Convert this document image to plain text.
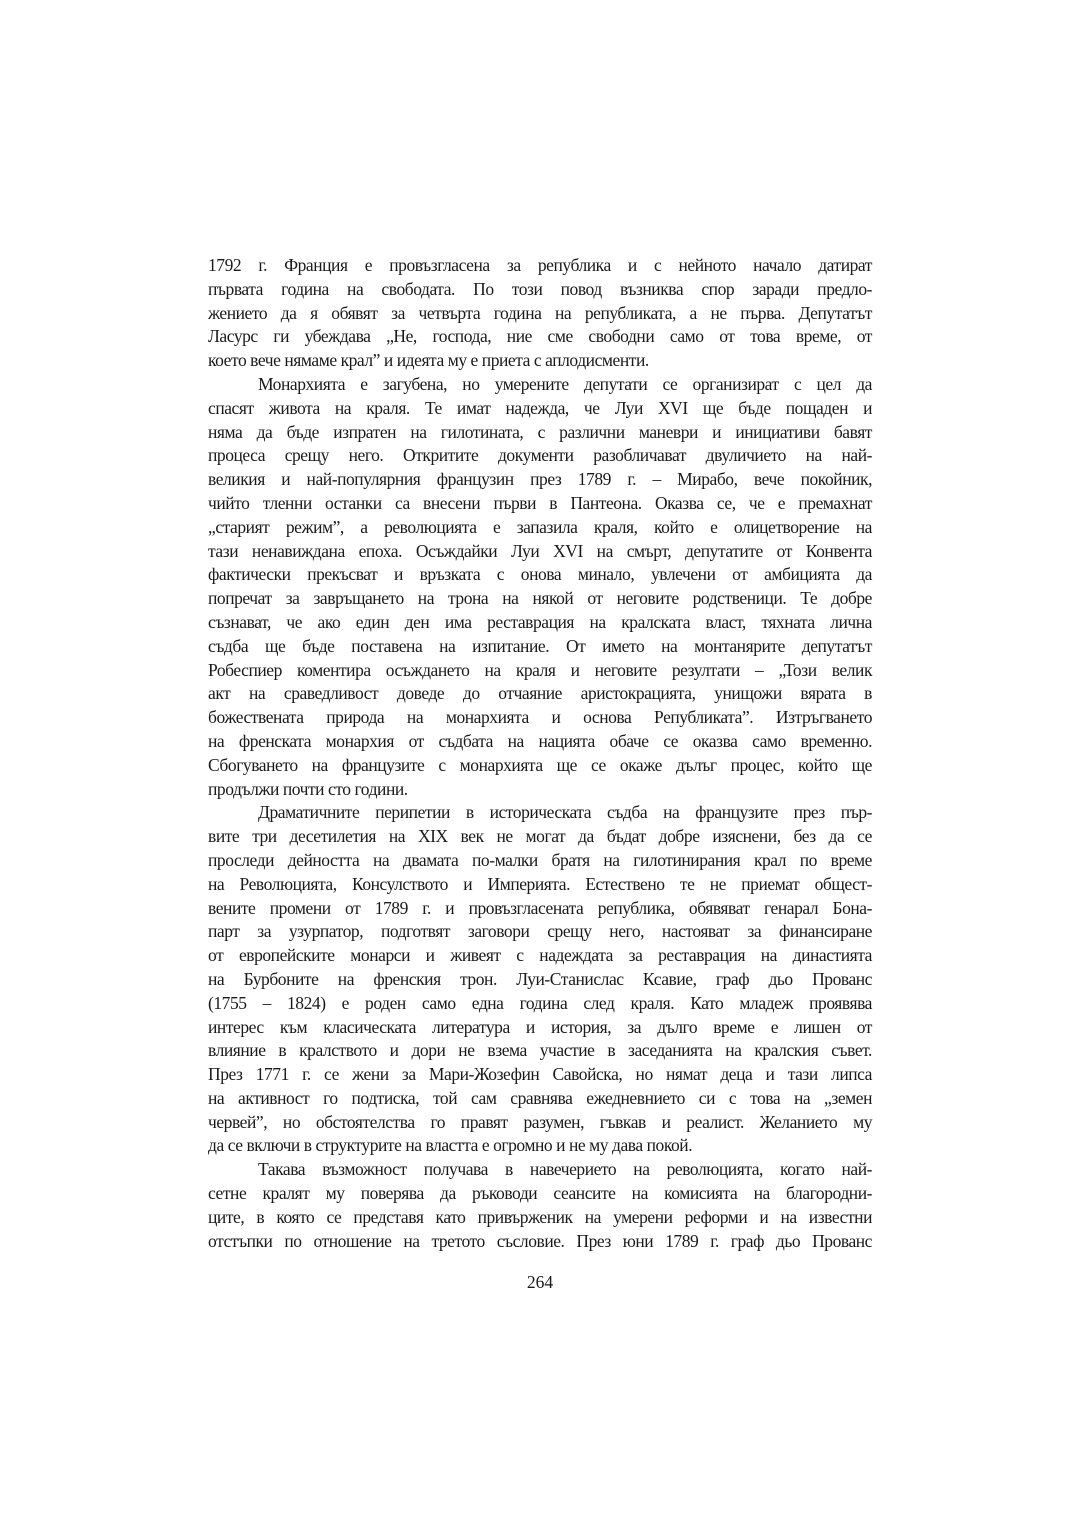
1792 г. Франция е провъзгласена за република и с нейното начало датират
първата година на свободата. По този повод възниква спор заради предло-
жението да я обявят за четвърта година на републиката, а не първа. Депутатът
Ласурс ги убеждава „Не, господа, ние сме свободни само от това време, от
което вече нямаме крал” и идеята му е приета с аплодисменти.
Монархията е загубена, но умерените депутати се организират с цел да
спасят живота на краля. Те имат надежда, че Луи XVI ще бъде пощаден и
няма да бъде изпратен на гилотината, с различни маневри и инициативи бавят
процеса срещу него. Откритите документи разобличават двуличието на най-
великия и най-популярния французин през 1789 г. – Мирабо, вече покойник,
чийто тленни останки са внесени първи в Пантеона. Оказва се, че е премахнат
„старият режим”, а революцията е запазила краля, който е олицетворение на
тази ненавиждана епоха. Осъждайки Луи XVI на смърт, депутатите от Конвента
фактически прекъсват и връзката с онова минало, увлечени от амбицията да
попречат за завръщането на трона на някой от неговите родственици. Те добре
съзнават, че ако един ден има реставрация на кралската власт, тяхната лична
съдба ще бъде поставена на изпитание. От името на монтанярите депутатът
Робеспиер коментира осъждането на краля и неговите резултати – „Този велик
акт на сраведливост доведе до отчаяние аристокрацията, унищожи вярата в
божествената природа на монархията и основа Републиката”. Изтръгването
на френската монархия от съдбата на нацията обаче се оказва само временно.
Сбогуването на французите с монархията ще се окаже дълъг процес, който ще
продължи почти сто години.
Драматичните перипетии в историческата съдба на французите през пър-
вите три десетилетия на XIX век не могат да бъдат добре изяснени, без да се
проследи дейността на двамата по-малки братя на гилотинирания крал по време
на Революцията, Консулството и Империята. Естествено те не приемат общест-
вените промени от 1789 г. и провъзгласената република, обявяват генарал Бона-
парт за узурпатор, подготвят заговори срещу него, настояват за финансиране
от европейските монарси и живеят с надеждата за реставрация на династията
на Бурбоните на френския трон. Луи-Станислас Ксавие, граф дьо Прованс
(1755 – 1824) е роден само една година след краля. Като младеж проявява
интерес към класическата литература и история, за дълго време е лишен от
влияние в кралството и дори не взема участие в заседанията на кралския съвет.
През 1771 г. се жени за Мари-Жозефин Савойска, но нямат деца и тази липса
на активност го подтиска, той сам сравнява ежедневнието си с това на „земен
червей”, но обстоятелства го правят разумен, гъвкав и реалист. Желанието му
да се включи в структурите на властта е огромно и не му дава покой.
Такава възможност получава в навечерието на революцията, когато най-
сетне кралят му поверява да ръководи сеансите на комисията на благородни-
ците, в която се представя като привърженик на умерени реформи и на известни
отстъпки по отношение на третото съсловие. През юни 1789 г. граф дьо Прованс
264
